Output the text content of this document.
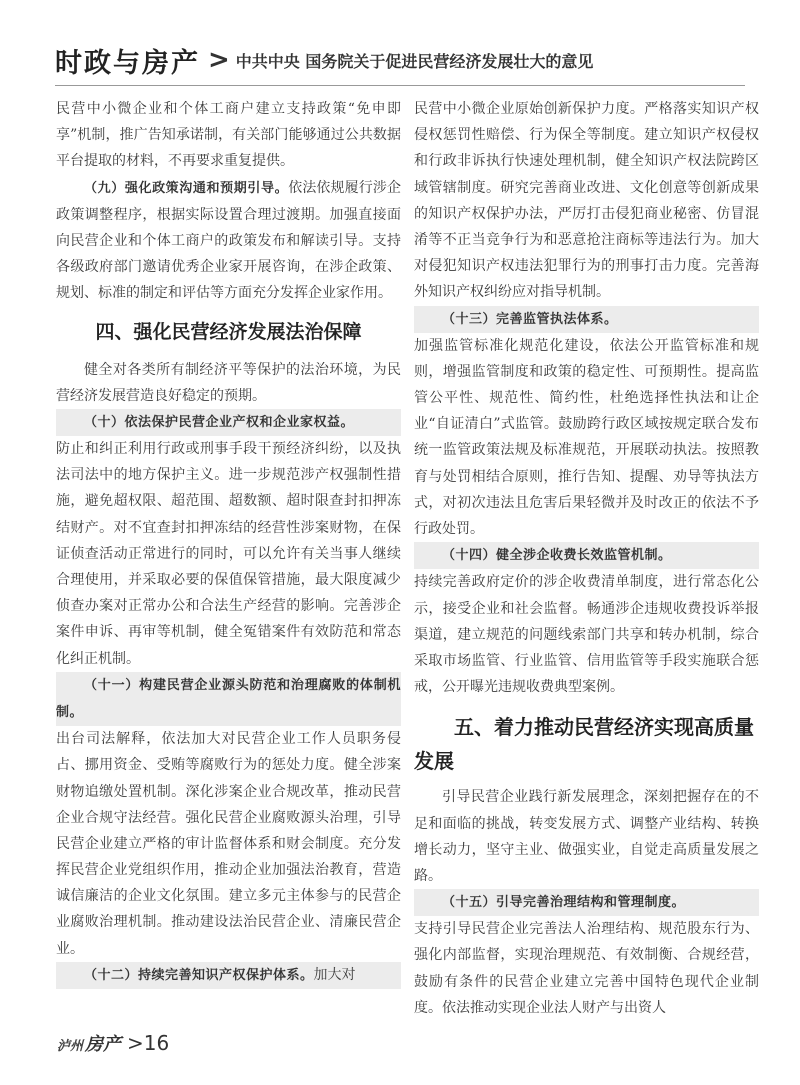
时政与房产 > 中共中央 国务院关于促进民营经济发展壮大的意见

民营中小微企业和个体工商户建立支持政策“免申即享”机制，推广告知承诺制，有关部门能够通过公共数据平台提取的材料，不再要求重复提供。

（九）强化政策沟通和预期引导。依法依规履行涉企政策调整程序，根据实际设置合理过渡期。加强直接面向民营企业和个体工商户的政策发布和解读引导。支持各级政府部门邀请优秀企业家开展咨询，在涉企政策、规划、标准的制定和评估等方面充分发挥企业家作用。

四、强化民营经济发展法治保障

健全对各类所有制经济平等保护的法治环境，为民营经济发展营造良好稳定的预期。

（十）依法保护民营企业产权和企业家权益。

防止和纠正利用行政或刑事手段干预经济纠纷，以及执法司法中的地方保护主义。进一步规范涉产权强制性措施，避免超权限、超范围、超数额、超时限查封扣押冻结财产。对不宜查封扣押冻结的经营性涉案财物，在保证侦查活动正常进行的同时，可以允许有关当事人继续合理使用，并采取必要的保值保管措施，最大限度减少侦查办案对正常办公和合法生产经营的影响。完善涉企案件申诉、再审等机制，健全冤错案件有效防范和常态化纠正机制。

（十一）构建民营企业源头防范和治理腐败的体制机制。

出台司法解释，依法加大对民营企业工作人员职务侵占、挪用资金、受贿等腐败行为的惩处力度。健全涉案财物追缴处置机制。深化涉案企业合规改革，推动民营企业合规守法经营。强化民营企业腐败源头治理，引导民营企业建立严格的审计监督体系和财会制度。充分发挥民营企业党组织作用，推动企业加强法治教育，营造诚信廉洁的企业文化氛围。建立多元主体参与的民营企业腐败治理机制。推动建设法治民营企业、清廉民营企业。

（十二）持续完善知识产权保护体系。加大对

民营中小微企业原始创新保护力度。严格落实知识产权侵权惩罚性赔偿、行为保全等制度。建立知识产权侵权和行政非诉执行快速处理机制，健全知识产权法院跨区域管辖制度。研究完善商业改进、文化创意等创新成果的知识产权保护办法，严厉打击侵犯商业秘密、仿冒混淆等不正当竞争行为和恶意抢注商标等违法行为。加大对侵犯知识产权违法犯罪行为的刑事打击力度。完善海外知识产权纠纷应对指导机制。

（十三）完善监管执法体系。

加强监管标准化规范化建设，依法公开监管标准和规则，增强监管制度和政策的稳定性、可预期性。提高监管公平性、规范性、简约性，杜绝选择性执法和让企业“自证清白”式监管。鼓励跨行政区域按规定联合发布统一监管政策法规及标准规范，开展联动执法。按照教育与处罚相结合原则，推行告知、提醒、劝导等执法方式，对初次违法且危害后果轻微并及时改正的依法不予行政处罚。

（十四）健全涉企收费长效监管机制。

持续完善政府定价的涉企收费清单制度，进行常态化公示，接受企业和社会监督。畅通涉企违规收费投诉举报渠道，建立规范的问题线索部门共享和转办机制，综合采取市场监管、行业监管、信用监管等手段实施联合惩戒，公开曝光违规收费典型案例。

五、着力推动民营经济实现高质量发展

引导民营企业践行新发展理念，深刻把握存在的不足和面临的挑战，转变发展方式、调整产业结构、转换增长动力，坚守主业、做强实业，自觉走高质量发展之路。

（十五）引导完善治理结构和管理制度。

支持引导民营企业完善法人治理结构、规范股东行为、强化内部监督，实现治理规范、有效制衡、合规经营，鼓励有条件的民营企业建立完善中国特色现代企业制度。依法推动实现企业法人财产与出资人

泸州 房产 >16
